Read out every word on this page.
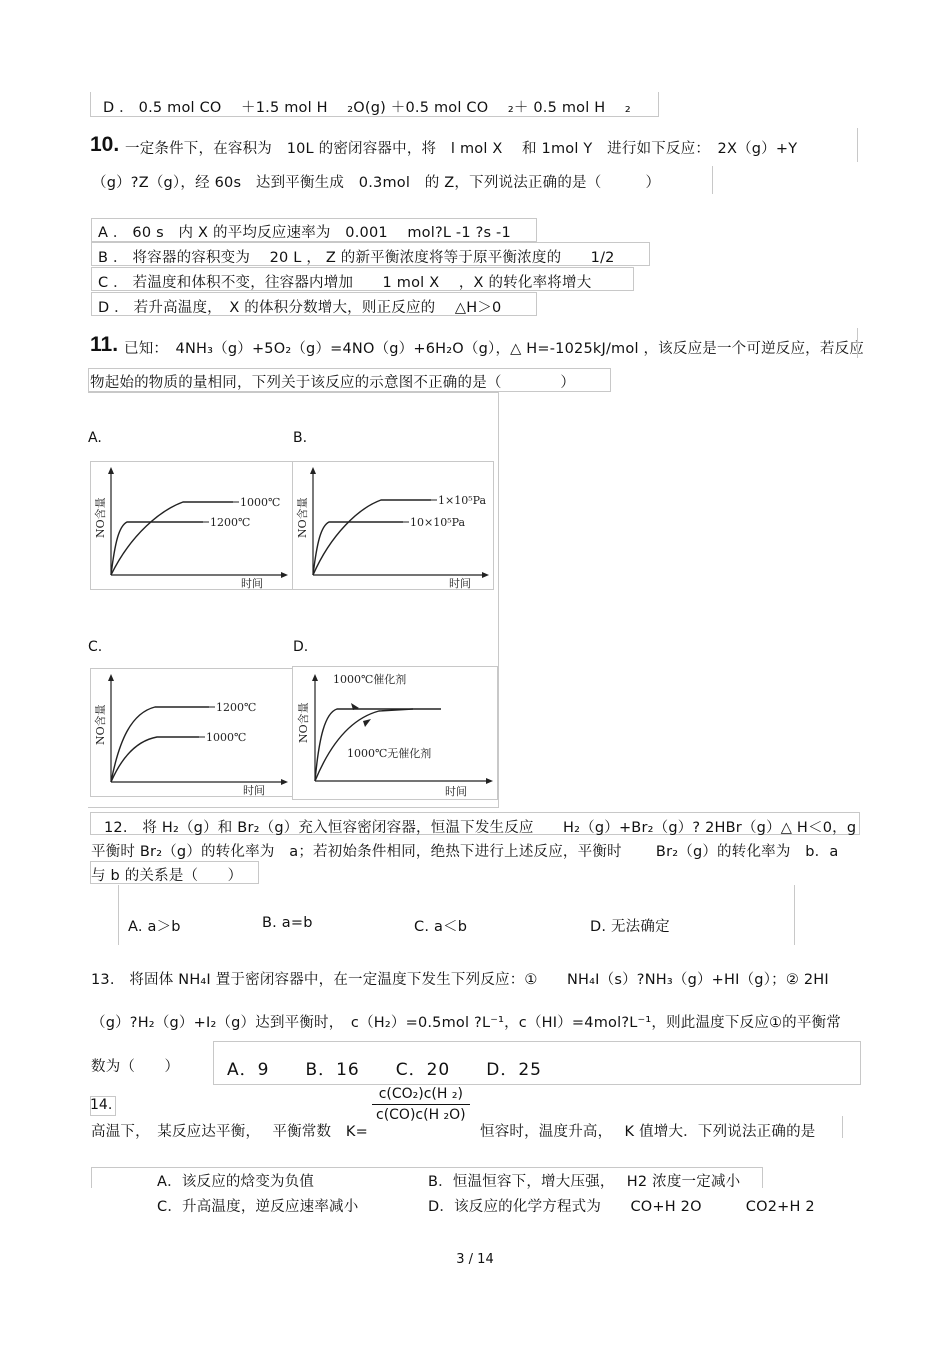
D ． 0.5 mol CO　 ＋1.5 mol H　 ₂O(g) ＋0.5 mol CO　 ₂＋ 0.5 mol H　 ₂
10. 一定条件下，在容积为　10L 的密闭容器中，将　l mol X　 和 1mol Y　进行如下反应：　2X（g）+Y
（g）?Z（g），经 60s　达到平衡生成　0.3mol　的 Z，下列说法正确的是（　　　）
A ． 60 s　内 X 的平均反应速率为　0.001　 mol?L -1 ?s -1
B ． 将容器的容积变为　 20 L ， Z 的新平衡浓度将等于原平衡浓度的　　1/2
C ． 若温度和体积不变，往容器内增加　　1 mol X　 ，X 的转化率将增大
D ． 若升高温度，　X 的体积分数增大，则正反应的　 △H＞0
11. 已知：　4NH₃（g）+5O₂（g）=4NO（g）+6H₂O（g），△ H=-1025kJ/mol ，该反应是一个可逆反应，若反应
物起始的物质的量相同，下列关于该反应的示意图不正确的是（　　　　）
A.	B.
C.	D.
1000℃
1200℃
时间
NO含量	1×10⁵Pa
10×10⁵Pa
时间
NO含量
1200℃
1000℃
时间
NO含量
1000℃催化剂
1000℃无催化剂
时间
NO含量
12.　将 H₂（g）和 Br₂（g）充入恒容密闭容器，恒温下发生反应　　H₂（g）+Br₂（g）? 2HBr（g）△ H＜0，g
平衡时 Br₂（g）的转化率为　a；若初始条件相同，绝热下进行上述反应，平衡时　　 Br₂（g）的转化率为　b．a
与 b 的关系是（　　）
A. a＞b	B. a=b	C. a＜b	D. 无法确定
13.　将固体 NH₄I 置于密闭容器中，在一定温度下发生下列反应：①　　NH₄I（s）?NH₃（g）+HI（g）；② 2HI
（g）?H₂（g）+I₂（g）达到平衡时，　c（H₂）=0.5mol ?L⁻¹，c（HI）=4mol?L⁻¹，则此温度下反应①的平衡常
数为（　　）	A．9　　B．16　　C．20　　D．25
14.
高温下，　某反应达平衡，　 平衡常数　K=
$\frac{\text{c(CO₂)c(H ₂)}}{\text{c(CO)c(H ₂O)}}$
恒容时，温度升高，　 K 值增大．下列说法正确的是
A．该反应的焓变为负值	B．恒温恒容下，增大压强，　 H2 浓度一定减小
C．升高温度，逆反应速率减小	D．该反应的化学方程式为　　CO+H 2O　　　CO2+H 2
3 / 14
